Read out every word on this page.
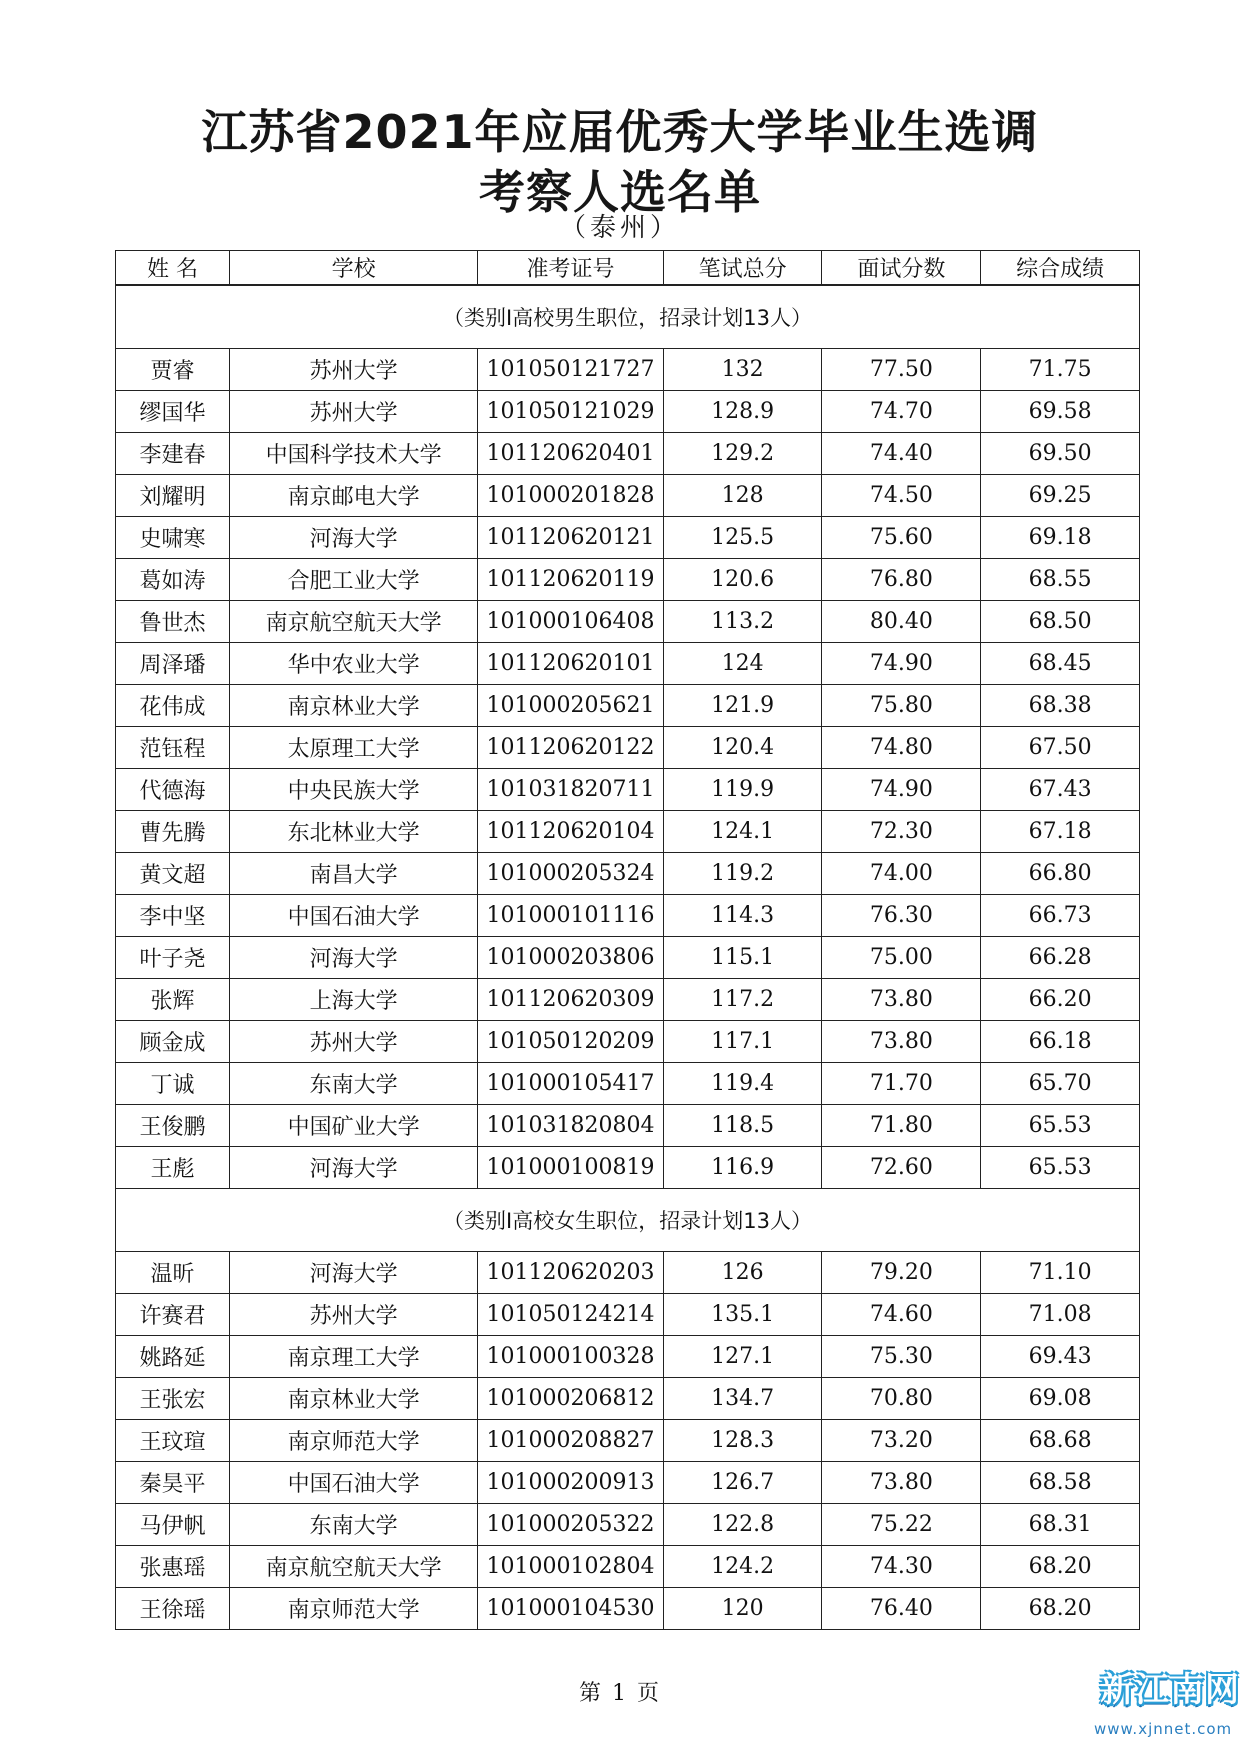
江苏省2021年应届优秀大学毕业生选调
考察人选名单
（泰州）
姓 名	学校	准考证号	笔试总分	面试分数	综合成绩
（类别I高校男生职位，招录计划13人）					
贾睿	苏州大学	101050121727	132	77.50	71.75
缪国华	苏州大学	101050121029	128.9	74.70	69.58
李建春	中国科学技术大学	101120620401	129.2	74.40	69.50
刘耀明	南京邮电大学	101000201828	128	74.50	69.25
史啸寒	河海大学	101120620121	125.5	75.60	69.18
葛如涛	合肥工业大学	101120620119	120.6	76.80	68.55
鲁世杰	南京航空航天大学	101000106408	113.2	80.40	68.50
周泽璠	华中农业大学	101120620101	124	74.90	68.45
花伟成	南京林业大学	101000205621	121.9	75.80	68.38
范钰程	太原理工大学	101120620122	120.4	74.80	67.50
代德海	中央民族大学	101031820711	119.9	74.90	67.43
曹先腾	东北林业大学	101120620104	124.1	72.30	67.18
黄文超	南昌大学	101000205324	119.2	74.00	66.80
李中坚	中国石油大学	101000101116	114.3	76.30	66.73
叶子尧	河海大学	101000203806	115.1	75.00	66.28
张辉	上海大学	101120620309	117.2	73.80	66.20
顾金成	苏州大学	101050120209	117.1	73.80	66.18
丁诚	东南大学	101000105417	119.4	71.70	65.70
王俊鹏	中国矿业大学	101031820804	118.5	71.80	65.53
王彪	河海大学	101000100819	116.9	72.60	65.53
（类别I高校女生职位，招录计划13人）					
温昕	河海大学	101120620203	126	79.20	71.10
许赛君	苏州大学	101050124214	135.1	74.60	71.08
姚路延	南京理工大学	101000100328	127.1	75.30	69.43
王张宏	南京林业大学	101000206812	134.7	70.80	69.08
王玟瑄	南京师范大学	101000208827	128.3	73.20	68.68
秦昊平	中国石油大学	101000200913	126.7	73.80	68.58
马伊帆	东南大学	101000205322	122.8	75.22	68.31
张惠瑶	南京航空航天大学	101000102804	124.2	74.30	68.20
王徐瑶	南京师范大学	101000104530	120	76.40	68.20
第 1 页	新江南网
www.xjnnet.com
